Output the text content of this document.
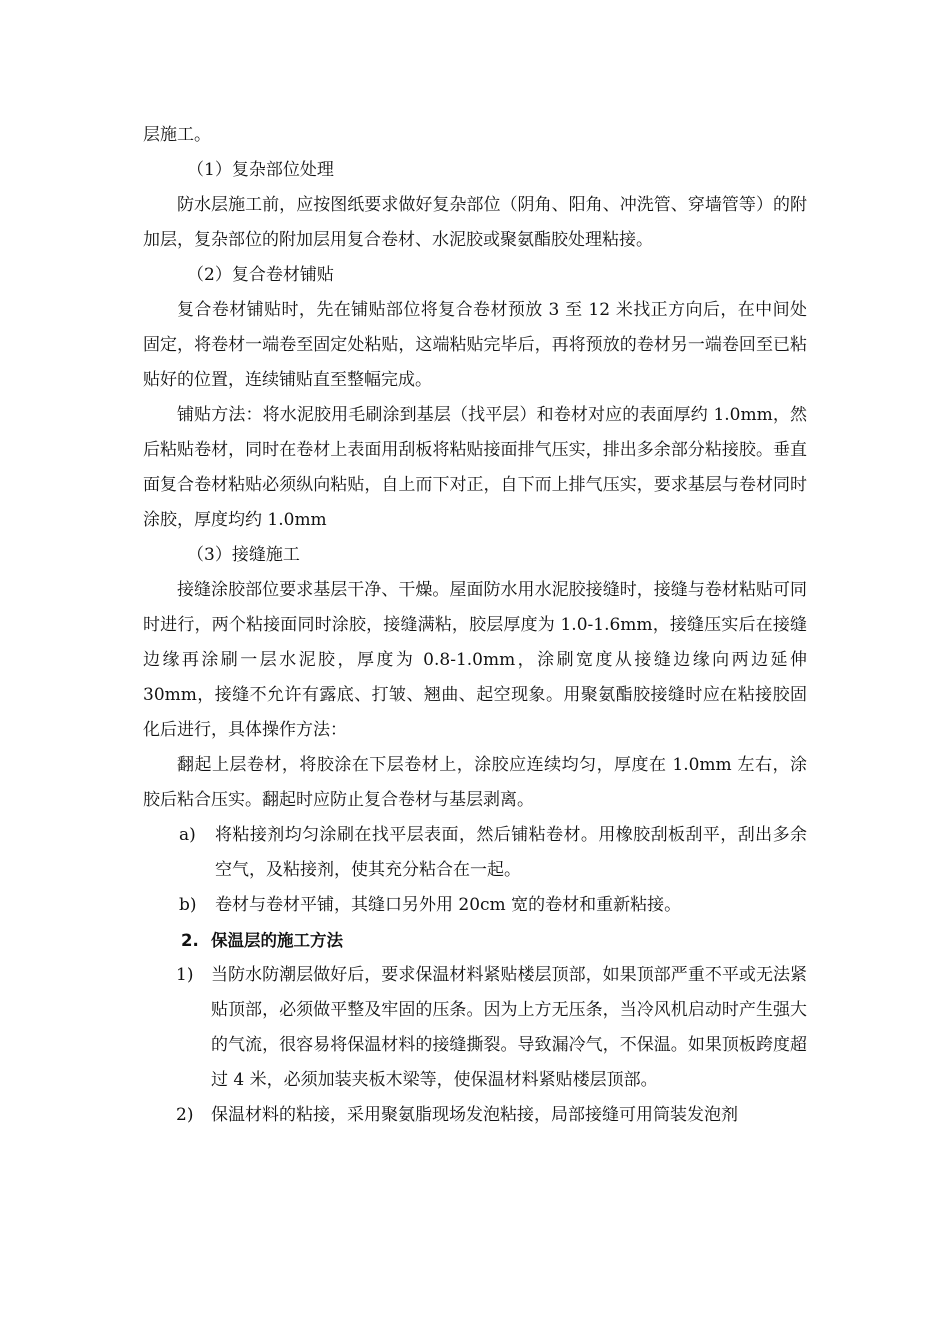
层施工。

（1）复杂部位处理

防水层施工前，应按图纸要求做好复杂部位（阴角、阳角、冲洗管、穿墙管等）的附加层，复杂部位的附加层用复合卷材、水泥胶或聚氨酯胶处理粘接。

（2）复合卷材铺贴

复合卷材铺贴时，先在铺贴部位将复合卷材预放 3 至 12 米找正方向后，在中间处固定，将卷材一端卷至固定处粘贴，这端粘贴完毕后，再将预放的卷材另一端卷回至已粘贴好的位置，连续铺贴直至整幅完成。

铺贴方法：将水泥胶用毛刷涂到基层（找平层）和卷材对应的表面厚约 1.0mm，然后粘贴卷材，同时在卷材上表面用刮板将粘贴接面排气压实，排出多余部分粘接胶。垂直面复合卷材粘贴必须纵向粘贴，自上而下对正，自下而上排气压实，要求基层与卷材同时涂胶，厚度均约 1.0mm

（3）接缝施工

接缝涂胶部位要求基层干净、干燥。屋面防水用水泥胶接缝时，接缝与卷材粘贴可同时进行，两个粘接面同时涂胶，接缝满粘，胶层厚度为 1.0-1.6mm，接缝压实后在接缝边缘再涂刷一层水泥胶，厚度为 0.8-1.0mm，涂刷宽度从接缝边缘向两边延伸 30mm，接缝不允许有露底、打皱、翘曲、起空现象。用聚氨酯胶接缝时应在粘接胶固化后进行，具体操作方法：

翻起上层卷材，将胶涂在下层卷材上，涂胶应连续均匀，厚度在 1.0mm 左右，涂胶后粘合压实。翻起时应防止复合卷材与基层剥离。

a)	将粘接剂均匀涂刷在找平层表面，然后铺粘卷材。用橡胶刮板刮平，刮出多余空气，及粘接剂，使其充分粘合在一起。

b)	卷材与卷材平铺，其缝口另外用 20cm 宽的卷材和重新粘接。

2. 保温层的施工方法

1)	当防水防潮层做好后，要求保温材料紧贴楼层顶部，如果顶部严重不平或无法紧贴顶部，必须做平整及牢固的压条。因为上方无压条，当冷风机启动时产生强大的气流，很容易将保温材料的接缝撕裂。导致漏冷气，不保温。如果顶板跨度超过 4 米，必须加装夹板木梁等，使保温材料紧贴楼层顶部。

2)	保温材料的粘接，采用聚氨脂现场发泡粘接，局部接缝可用筒装发泡剂
